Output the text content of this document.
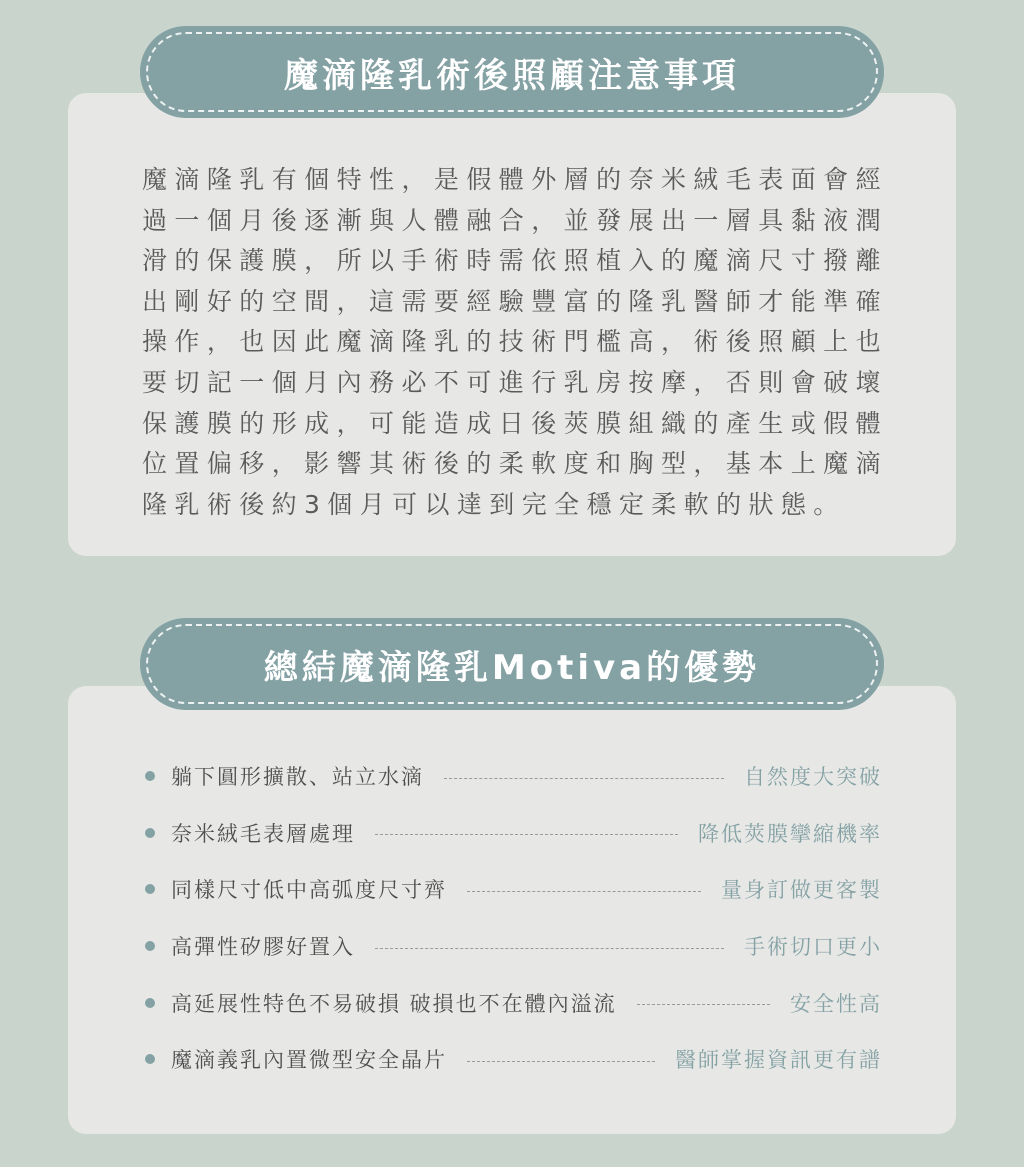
魔滴隆乳術後照顧注意事項

魔滴隆乳有個特性，是假體外層的奈米絨毛表面會經過一個月後逐漸與人體融合，並發展出一層具黏液潤滑的保護膜，所以手術時需依照植入的魔滴尺寸撥離出剛好的空間，這需要經驗豐富的隆乳醫師才能準確操作，也因此魔滴隆乳的技術門檻高，術後照顧上也要切記一個月內務必不可進行乳房按摩，否則會破壞保護膜的形成，可能造成日後莢膜組織的產生或假體位置偏移，影響其術後的柔軟度和胸型，基本上魔滴隆乳術後約3個月可以達到完全穩定柔軟的狀態。

總結魔滴隆乳Motiva的優勢
躺下圓形擴散、站立水滴	自然度大突破
奈米絨毛表層處理	降低莢膜攣縮機率
同樣尺寸低中高弧度尺寸齊	量身訂做更客製
高彈性矽膠好置入	手術切口更小
高延展性特色不易破損 破損也不在體內溢流	安全性高
魔滴義乳內置微型安全晶片	醫師掌握資訊更有譜
